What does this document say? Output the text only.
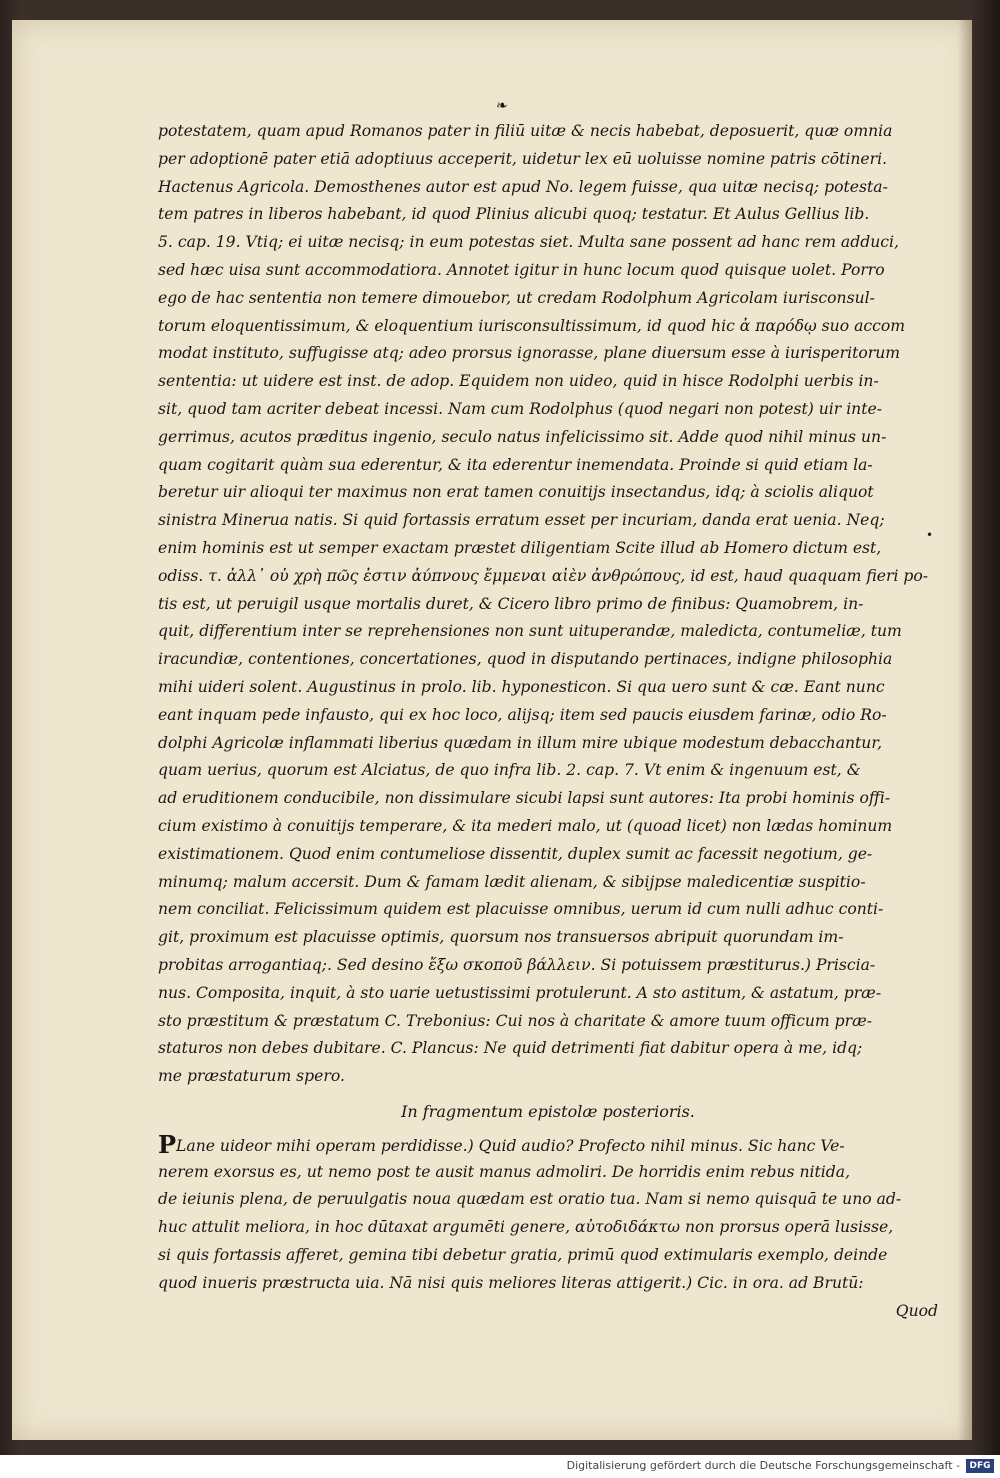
❧
•
potestatem, quam apud Romanos pater in filiū uitæ & necis habebat, deposuerit, quæ omnia
per adoptionē pater etiā adoptiuus acceperit, uidetur lex eū uoluisse nomine patris cōtineri.
Hactenus Agricola. Demosthenes autor est apud No. legem fuisse, qua uitæ necisq; potesta-
tem patres in liberos habebant, id quod Plinius alicubi quoq; testatur. Et Aulus Gellius lib.
5. cap. 19. Vtiq; ei uitæ necisq; in eum potestas siet. Multa sane possent ad hanc rem adduci,
sed hæc uisa sunt accommodatiora. Annotet igitur in hunc locum quod quisque uolet. Porro
ego de hac sententia non temere dimouebor, ut credam Rodolphum Agricolam iurisconsul-
torum eloquentissimum, & eloquentium iurisconsultissimum, id quod hic ἀ παρόδῳ suo accom
modat instituto, suffugisse atq; adeo prorsus ignorasse, plane diuersum esse à iurisperitorum
sententia: ut uidere est inst. de adop. Equidem non uideo, quid in hisce Rodolphi uerbis in-
sit, quod tam acriter debeat incessi. Nam cum Rodolphus (quod negari non potest) uir inte-
gerrimus, acutos præditus ingenio, seculo natus infelicissimo sit. Adde quod nihil minus un-
quam cogitarit quàm sua ederentur, & ita ederentur inemendata. Proinde si quid etiam la-
beretur uir alioqui ter maximus non erat tamen conuitijs insectandus, idq; à sciolis aliquot
sinistra Mineruа natis. Si quid fortassis erratum esset per incuriam, danda erat uenia. Neq;
enim hominis est ut semper exactam præstet diligentiam Scite illud ab Homero dictum est,
odiss. τ. ἀλλ᾽ οὐ χρὴ πῶς ἐστιν ἀύπνους ἔμμεναι αἰὲν ἀνθρώπους, id est, haud quaquam fieri po-
tis est, ut peruigil usque mortalis duret, & Cicero libro primo de finibus: Quamobrem, in-
quit, differentium inter se reprehensiones non sunt uituperandæ, maledicta, contumeliæ, tum
iracundiæ, contentiones, concertationes, quod in disputando pertinaces, indigne philosophia
mihi uideri solent. Augustinus in prolo. lib. hyponesticon. Si qua uero sunt & cæ. Eant nunc
eant inquam pede infausto, qui ex hoc loco, alijsq; item sed paucis eiusdem farinæ, odio Ro-
dolphi Agricolæ inflammati liberius quædam in illum mire ubique modestum debacchantur,
quam uerius, quorum est Alciatus, de quo infra lib. 2. cap. 7. Vt enim & ingenuum est, &
ad eruditionem conducibile, non dissimulare sicubi lapsi sunt autores: Ita probi hominis offi-
cium existimo à conuitijs temperare, & ita mederi malo, ut (quoad licet) non lædas hominum
existimationem. Quod enim contumeliose dissentit, duplex sumit ac facessit negotium, ge-
minumq; malum accersit. Dum & famam lædit alienam, & sibijpse maledicentiæ suspitio-
nem conciliat. Felicissimum quidem est placuisse omnibus, uerum id cum nulli adhuc conti-
git, proximum est placuisse optimis, quorsum nos transuersos abripuit quorundam im-
probitas arrogantiaq;. Sed desino ἔξω σκοποῦ βάλλειν. Si potuissem præstiturus.) Priscia-
nus. Composita, inquit, à sto uarie uetustissimi protulerunt. A sto astitum, & astatum, præ-
sto præstitum & præstatum C. Trebonius: Cui nos à charitate & amore tuum officum præ-
staturos non debes dubitare. C. Plancus: Ne quid detrimenti fiat dabitur opera à me, idq;
me præstaturum spero.
In fragmentum epistolæ posterioris.
PLane uideor mihi operam perdidisse.) Quid audio? Profecto nihil minus. Sic hanc Ve-
nerem exorsus es, ut nemo post te ausit manus admoliri. De horridis enim rebus nitida,
de ieiunis plena, de peruulgatis noua quædam est oratio tua. Nam si nemo quisquā te uno ad-
huc attulit meliora, in hoc dūtaxat argumēti genere, αὐτοδιδάκτω non prorsus operā lusisse,
si quis fortassis afferet, gemina tibi debetur gratia, primū quod extimularis exemplo, deinde
quod inueris præstructa uia. Nā nisi quis meliores literas attigerit.) Cic. in ora. ad Brutū:
Quod
Digitalisierung gefördert durch die Deutsche Forschungsgemeinschaft -	DFG
